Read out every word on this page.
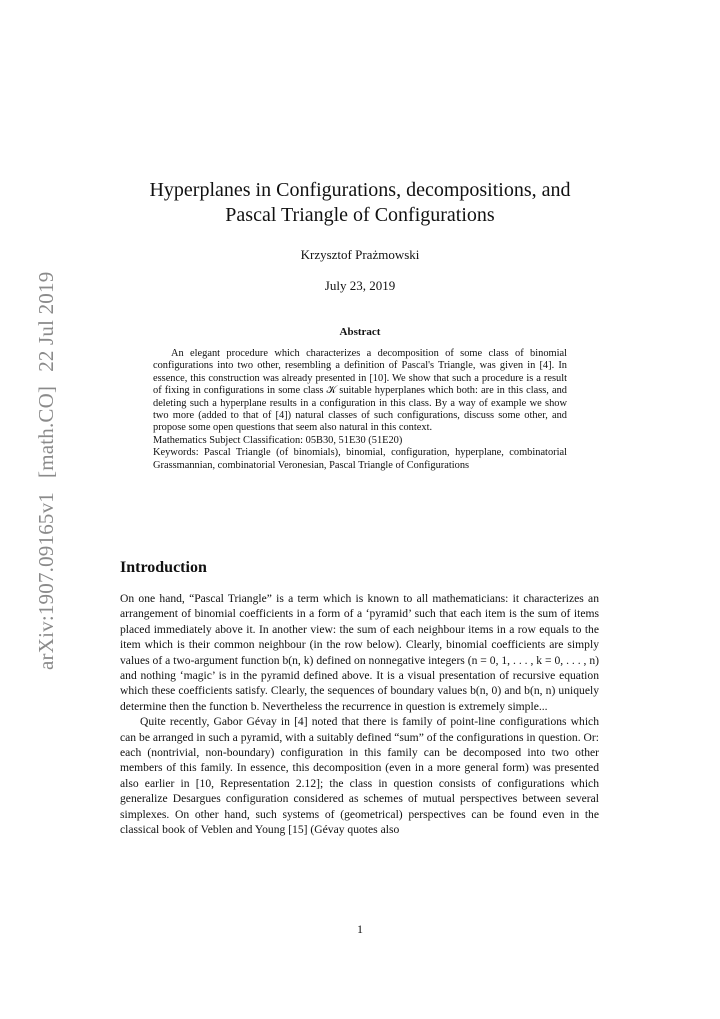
arXiv:1907.09165v1[math.CO]22 Jul 2019
Hyperplanes in Configurations, decompositions, and
Pascal Triangle of Configurations
Krzysztof Prażmowski
July 23, 2019
Abstract

An elegant procedure which characterizes a decomposition of some class of binomial configurations into two other, resembling a definition of Pascal's Triangle, was given in [4]. In essence, this construction was already presented in [10]. We show that such a procedure is a result of fixing in configurations in some class 𝒦 suitable hyperplanes which both: are in this class, and deleting such a hyperplane results in a configuration in this class. By a way of example we show two more (added to that of [4]) natural classes of such configurations, discuss some other, and propose some open questions that seem also natural in this context.

Mathematics Subject Classification: 05B30, 51E30 (51E20)

Keywords: Pascal Triangle (of binomials), binomial, configuration, hyperplane, combinatorial Grassmannian, combinatorial Veronesian, Pascal Triangle of Configurations

Introduction

On one hand, “Pascal Triangle” is a term which is known to all mathematicians: it characterizes an arrangement of binomial coefficients in a form of a ‘pyramid’ such that each item is the sum of items placed immediately above it. In another view: the sum of each neighbour items in a row equals to the item which is their common neighbour (in the row below). Clearly, binomial coefficients are simply values of a two-argument function b(n, k) defined on nonnegative integers (n = 0, 1, . . . , k = 0, . . . , n) and nothing ‘magic’ is in the pyramid defined above. It is a visual presentation of recursive equation which these coefficients satisfy. Clearly, the sequences of boundary values b(n, 0) and b(n, n) uniquely determine then the function b. Nevertheless the recurrence in question is extremely simple...

Quite recently, Gabor Gévay in [4] noted that there is family of point-line configurations which can be arranged in such a pyramid, with a suitably defined “sum” of the configurations in question. Or: each (nontrivial, non-boundary) configuration in this family can be decomposed into two other members of this family. In essence, this decomposition (even in a more general form) was presented also earlier in [10, Representation 2.12]; the class in question consists of configurations which generalize Desargues configuration considered as schemes of mutual perspectives between several simplexes. On other hand, such systems of (geometrical) perspectives can be found even in the classical book of Veblen and Young [15] (Gévay quotes also

1
